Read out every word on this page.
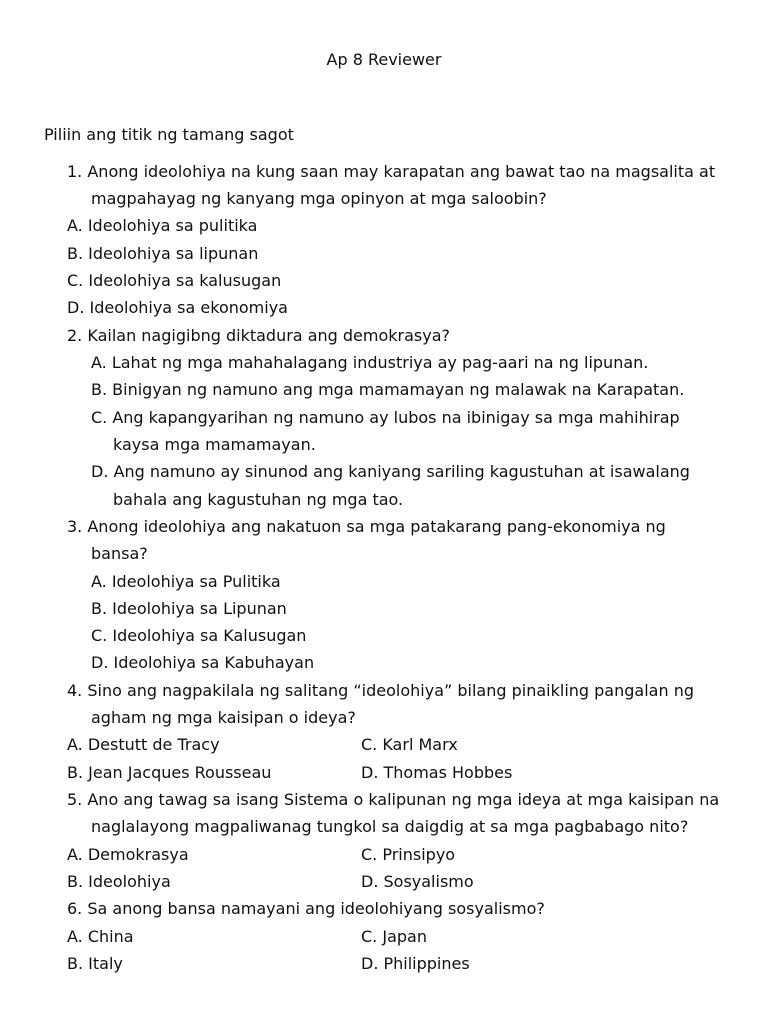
Ap 8 Reviewer
Piliin ang titik ng tamang sagot
1. Anong ideolohiya na kung saan may karapatan ang bawat tao na magsalita at
magpahayag ng kanyang mga opinyon at mga saloobin?
A. Ideolohiya sa pulitika
B. Ideolohiya sa lipunan
C. Ideolohiya sa kalusugan
D. Ideolohiya sa ekonomiya
2. Kailan nagigibng diktadura ang demokrasya?
A. Lahat ng mga mahahalagang industriya ay pag-aari na ng lipunan.
B. Binigyan ng namuno ang mga mamamayan ng malawak na Karapatan.
C. Ang kapangyarihan ng namuno ay lubos na ibinigay sa mga mahihirap
kaysa mga mamamayan.
D. Ang namuno ay sinunod ang kaniyang sariling kagustuhan at isawalang
bahala ang kagustuhan ng mga tao.
3. Anong ideolohiya ang nakatuon sa mga patakarang pang-ekonomiya ng
bansa?
A. Ideolohiya sa Pulitika
B. Ideolohiya sa Lipunan
C. Ideolohiya sa Kalusugan
D. Ideolohiya sa Kabuhayan
4. Sino ang nagpakilala ng salitang “ideolohiya” bilang pinaikling pangalan ng
agham ng mga kaisipan o ideya?
A. Destutt de Tracy	C. Karl Marx
B. Jean Jacques Rousseau	D. Thomas Hobbes
5. Ano ang tawag sa isang Sistema o kalipunan ng mga ideya at mga kaisipan na
naglalayong magpaliwanag tungkol sa daigdig at sa mga pagbabago nito?
A. Demokrasya	C. Prinsipyo
B. Ideolohiya	D. Sosyalismo
6. Sa anong bansa namayani ang ideolohiyang sosyalismo?
A. China	C. Japan
B. Italy	D. Philippines
